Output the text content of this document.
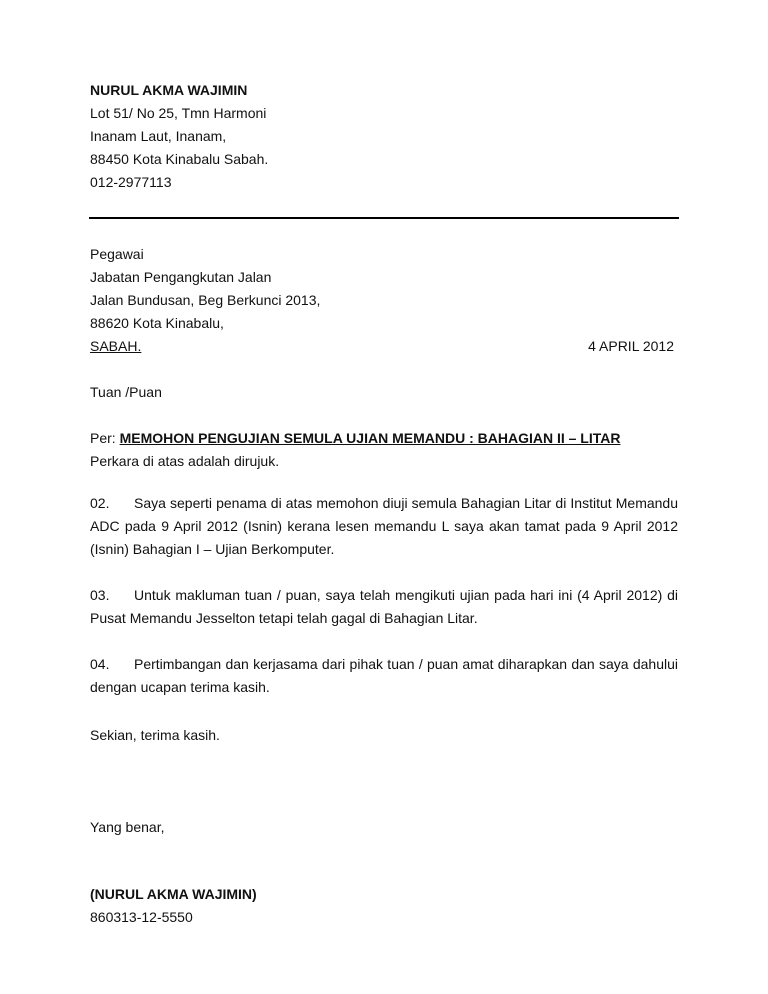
NURUL AKMA WAJIMIN
Lot 51/ No 25, Tmn Harmoni
Inanam Laut, Inanam,
88450 Kota Kinabalu Sabah.
012-2977113
Pegawai
Jabatan Pengangkutan Jalan
Jalan Bundusan, Beg Berkunci 2013,
88620 Kota Kinabalu,
SABAH.	4 APRIL 2012
Tuan /Puan
Per: MEMOHON PENGUJIAN SEMULA UJIAN MEMANDU : BAHAGIAN II – LITAR
Perkara di atas adalah dirujuk.
02. Saya seperti penama di atas memohon diuji semula Bahagian Litar di Institut Memandu ADC pada 9 April 2012 (Isnin) kerana lesen memandu L saya akan tamat pada 9 April 2012 (Isnin) Bahagian I – Ujian Berkomputer.
03. Untuk makluman tuan / puan, saya telah mengikuti ujian pada hari ini (4 April 2012) di Pusat Memandu Jesselton tetapi telah gagal di Bahagian Litar.
04. Pertimbangan dan kerjasama dari pihak tuan / puan amat diharapkan dan saya dahului dengan ucapan terima kasih.
Sekian, terima kasih.
Yang benar,
(NURUL AKMA WAJIMIN)
860313-12-5550
